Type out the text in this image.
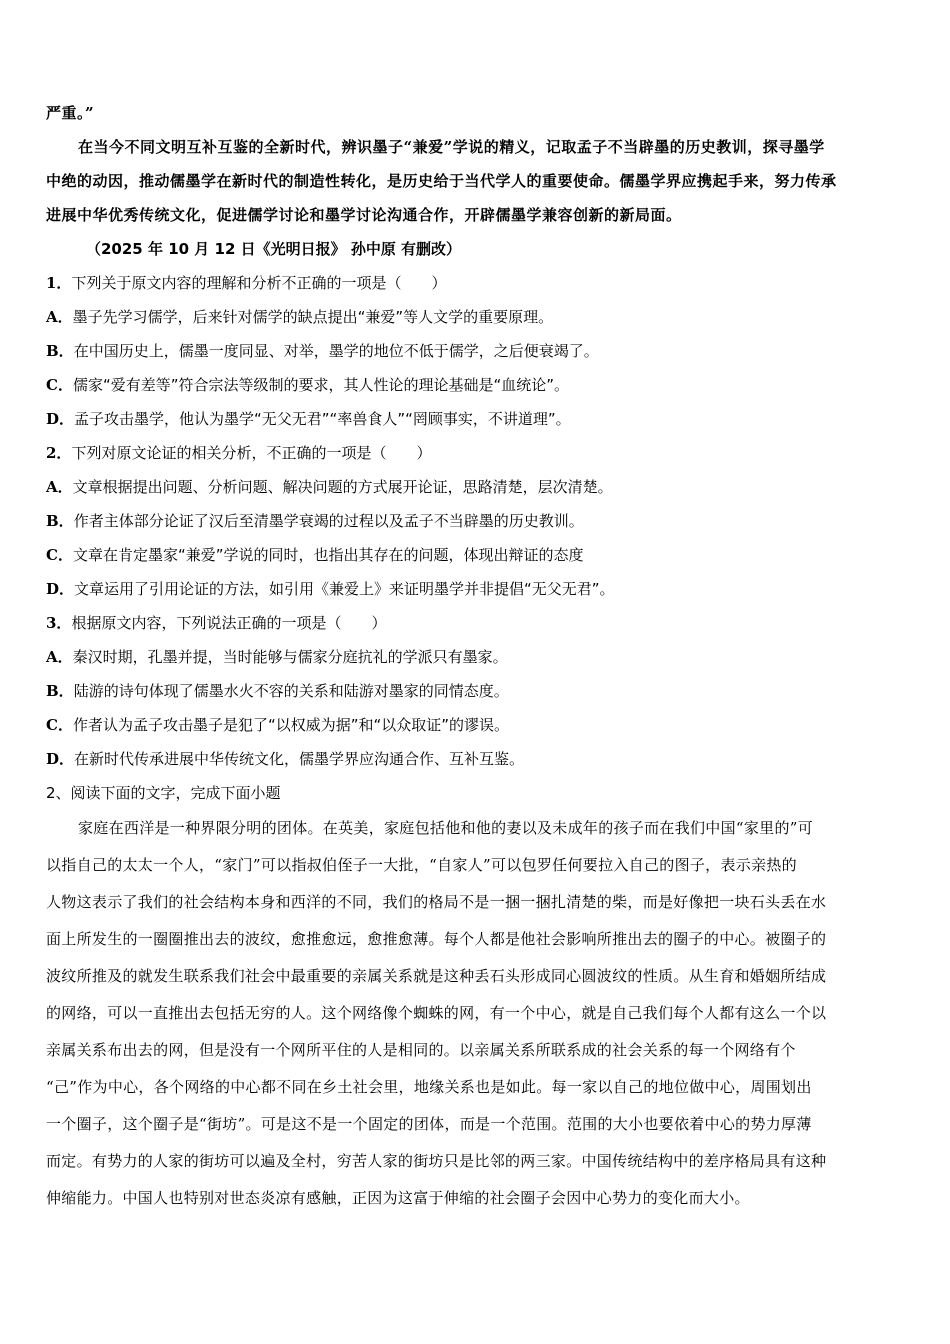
严重。”
在当今不同文明互补互鉴的全新时代，辨识墨子“兼爱”学说的精义，记取孟子不当辟墨的历史教训，探寻墨学
中绝的动因，推动儒墨学在新时代的制造性转化，是历史给于当代学人的重要使命。儒墨学界应携起手来，努力传承
进展中华优秀传统文化，促进儒学讨论和墨学讨论沟通合作，开辟儒墨学兼容创新的新局面。
（2025 年 10 月 12 日《光明日报》 孙中原 有删改）
1．下列关于原文内容的理解和分析不正确的一项是（　　）
A．墨子先学习儒学，后来针对儒学的缺点提出“兼爱”等人文学的重要原理。
B．在中国历史上，儒墨一度同显、对举，墨学的地位不低于儒学，之后便衰竭了。
C．儒家“爱有差等”符合宗法等级制的要求，其人性论的理论基础是“血统论”。
D．孟子攻击墨学，他认为墨学“无父无君”“率兽食人”“罔顾事实，不讲道理”。
2．下列对原文论证的相关分析，不正确的一项是（　　）
A．文章根据提出问题、分析问题、解决问题的方式展开论证，思路清楚，层次清楚。
B．作者主体部分论证了汉后至清墨学衰竭的过程以及孟子不当辟墨的历史教训。
C．文章在肯定墨家“兼爱”学说的同时，也指出其存在的问题，体现出辩证的态度
D．文章运用了引用论证的方法，如引用《兼爱上》来证明墨学并非提倡“无父无君”。
3．根据原文内容，下列说法正确的一项是（　　）
A．秦汉时期，孔墨并提，当时能够与儒家分庭抗礼的学派只有墨家。
B．陆游的诗句体现了儒墨水火不容的关系和陆游对墨家的同情态度。
C．作者认为孟子攻击墨子是犯了“以权威为据”和“以众取证”的谬误。
D．在新时代传承进展中华传统文化，儒墨学界应沟通合作、互补互鉴。
2、阅读下面的文字，完成下面小题
家庭在西洋是一种界限分明的团体。在英美，家庭包括他和他的妻以及未成年的孩子而在我们中国“家里的”可
以指自己的太太一个人，“家门”可以指叔伯侄子一大批，“自家人”可以包罗任何要拉入自己的图子，表示亲热的
人物这表示了我们的社会结构本身和西洋的不同，我们的格局不是一捆一捆扎清楚的柴，而是好像把一块石头丢在水
面上所发生的一圈圈推出去的波纹，愈推愈远，愈推愈薄。每个人都是他社会影响所推出去的圈子的中心。被圈子的
波纹所推及的就发生联系我们社会中最重要的亲属关系就是这种丢石头形成同心圆波纹的性质。从生育和婚姻所结成
的网络，可以一直推出去包括无穷的人。这个网络像个蜘蛛的网，有一个中心，就是自己我们每个人都有这么一个以
亲属关系布出去的网，但是没有一个网所平住的人是相同的。以亲属关系所联系成的社会关系的每一个网络有个
“己”作为中心，各个网络的中心都不同在乡土社会里，地缘关系也是如此。每一家以自己的地位做中心，周围划出
一个圈子，这个圈子是“街坊”。可是这不是一个固定的团体，而是一个范围。范围的大小也要依着中心的势力厚薄
而定。有势力的人家的街坊可以遍及全村，穷苦人家的街坊只是比邻的两三家。中国传统结构中的差序格局具有这种
伸缩能力。中国人也特别对世态炎凉有感触，正因为这富于伸缩的社会圈子会因中心势力的变化而大小。
